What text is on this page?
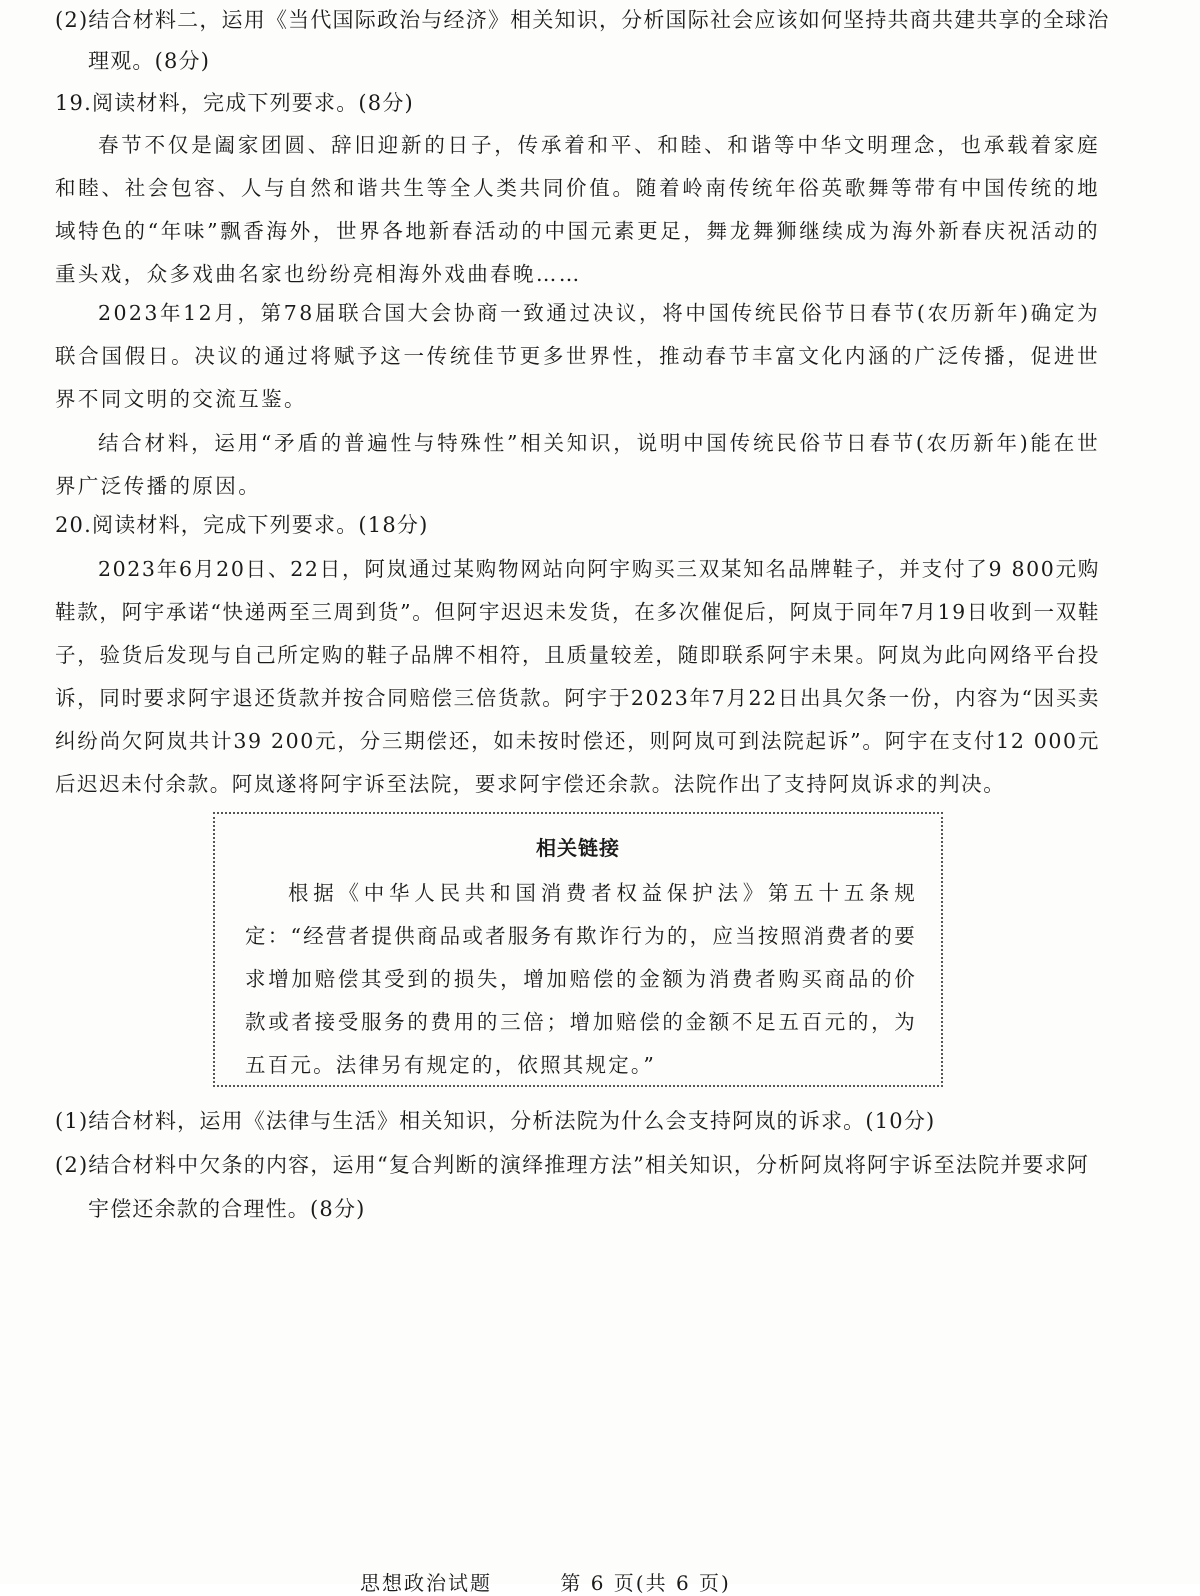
(2)结合材料二，运用《当代国际政治与经济》相关知识，分析国际社会应该如何坚持共商共建共享的全球治

理观。(8分)

19.阅读材料，完成下列要求。(8分)

春节不仅是阖家团圆、辞旧迎新的日子，传承着和平、和睦、和谐等中华文明理念，也承载着家庭和睦、社会包容、人与自然和谐共生等全人类共同价值。随着岭南传统年俗英歌舞等带有中国传统的地域特色的“年味”飘香海外，世界各地新春活动的中国元素更足，舞龙舞狮继续成为海外新春庆祝活动的重头戏，众多戏曲名家也纷纷亮相海外戏曲春晚……

2023年12月，第78届联合国大会协商一致通过决议，将中国传统民俗节日春节(农历新年)确定为联合国假日。决议的通过将赋予这一传统佳节更多世界性，推动春节丰富文化内涵的广泛传播，促进世界不同文明的交流互鉴。

结合材料，运用“矛盾的普遍性与特殊性”相关知识，说明中国传统民俗节日春节(农历新年)能在世界广泛传播的原因。

20.阅读材料，完成下列要求。(18分)

2023年6月20日、22日，阿岚通过某购物网站向阿宇购买三双某知名品牌鞋子，并支付了9 800元购鞋款，阿宇承诺“快递两至三周到货”。但阿宇迟迟未发货，在多次催促后，阿岚于同年7月19日收到一双鞋子，验货后发现与自己所定购的鞋子品牌不相符，且质量较差，随即联系阿宇未果。阿岚为此向网络平台投诉，同时要求阿宇退还货款并按合同赔偿三倍货款。阿宇于2023年7月22日出具欠条一份，内容为“因买卖纠纷尚欠阿岚共计39 200元，分三期偿还，如未按时偿还，则阿岚可到法院起诉”。阿宇在支付12 000元后迟迟未付余款。阿岚遂将阿宇诉至法院，要求阿宇偿还余款。法院作出了支持阿岚诉求的判决。

相关链接
根据《中华人民共和国消费者权益保护法》第五十五条规定：“经营者提供商品或者服务有欺诈行为的，应当按照消费者的要求增加赔偿其受到的损失，增加赔偿的金额为消费者购买商品的价款或者接受服务的费用的三倍；增加赔偿的金额不足五百元的，为五百元。法律另有规定的，依照其规定。”

(1)结合材料，运用《法律与生活》相关知识，分析法院为什么会支持阿岚的诉求。(10分)

(2)结合材料中欠条的内容，运用“复合判断的演绎推理方法”相关知识，分析阿岚将阿宇诉至法院并要求阿

宇偿还余款的合理性。(8分)

思想政治试题	第 6 页(共 6 页)
